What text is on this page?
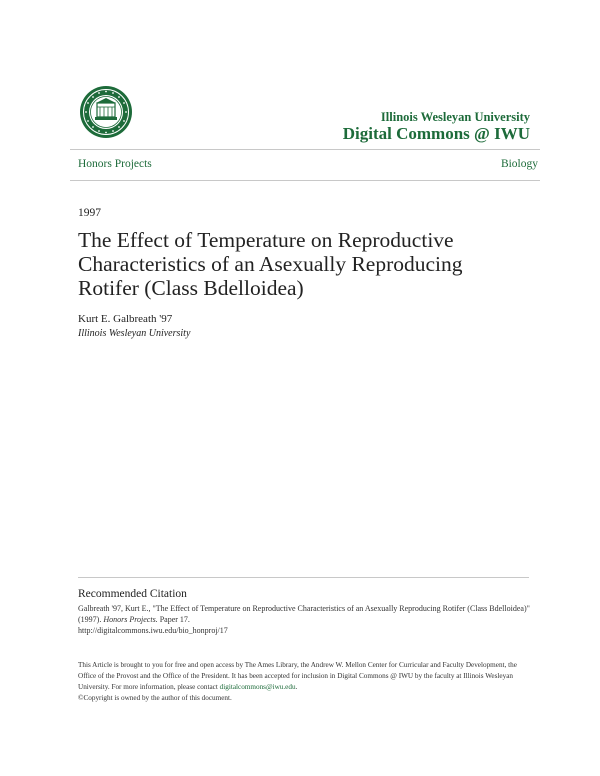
Illinois Wesleyan University
Digital Commons @ IWU
Honors Projects	Biology
1997
The Effect of Temperature on Reproductive Characteristics of an Asexually Reproducing Rotifer (Class Bdelloidea)
Kurt E. Galbreath '97
Illinois Wesleyan University
Recommended Citation
Galbreath '97, Kurt E., "The Effect of Temperature on Reproductive Characteristics of an Asexually Reproducing Rotifer (Class Bdelloidea)" (1997). Honors Projects. Paper 17.
http://digitalcommons.iwu.edu/bio_honproj/17
This Article is brought to you for free and open access by The Ames Library, the Andrew W. Mellon Center for Curricular and Faculty Development, the Office of the Provost and the Office of the President. It has been accepted for inclusion in Digital Commons @ IWU by the faculty at Illinois Wesleyan University. For more information, please contact digitalcommons@iwu.edu.
©Copyright is owned by the author of this document.
